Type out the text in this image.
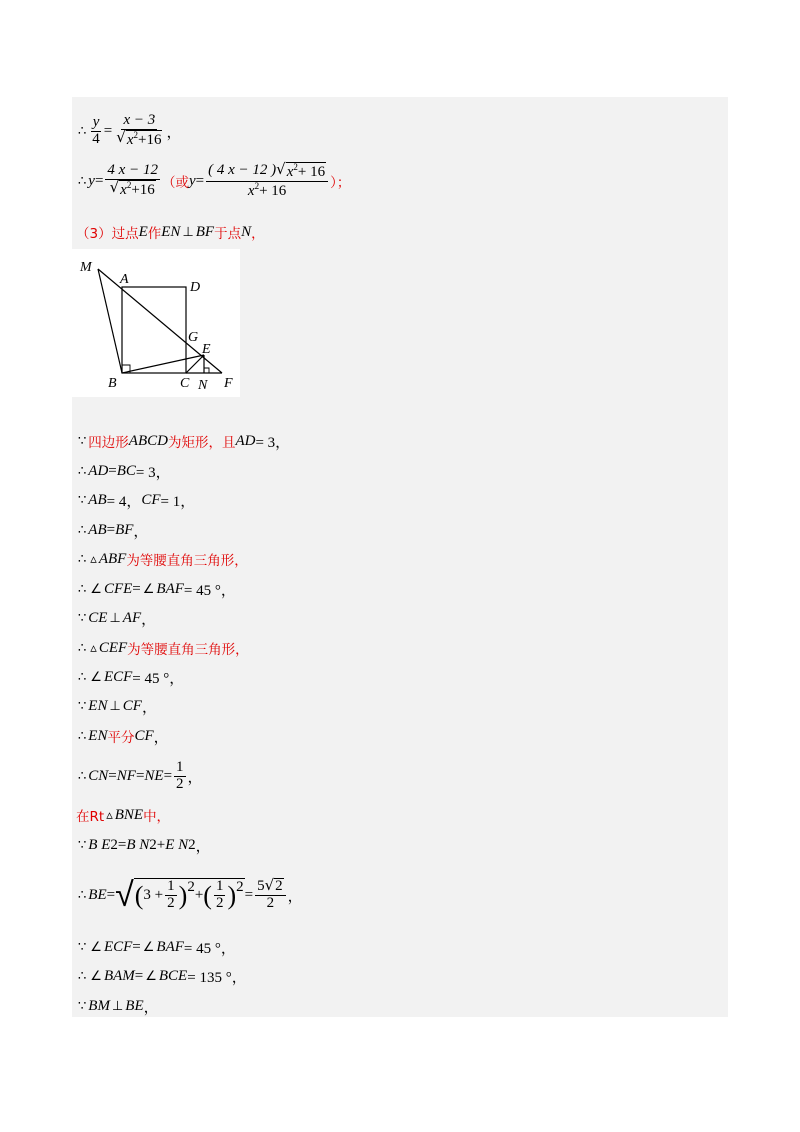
∴ $\frac{y}{4} = \frac{x - 3}{√ x^2+16}$ ，
∴ $y = \frac{4 x - 12}{√ x^2+16}$ （或 $y = \frac{( 4 x - 12 ) √ x^2+ 16}{x^2+ 16}$ ）；
（3）过点 E 作 EN ⊥ BF 于点 N ，
M
A
D
G
E
B	C N F
∵ 四边形 ABCD 为矩形，且 AD = 3，
∴ AD = BC = 3，
∵ AB = 4， CF = 1，
∴ AB = BF ，
∴ ▵ ABF 为等腰直角三角形，
∴ ∠ CFE = ∠ BAF = 45 °，
∵ CE ⊥ AF ，
∴ ▵ CEF 为等腰直角三角形，
∴ ∠ ECF = 45 °，
∵ EN ⊥ CF ，
∴ EN 平分 CF ，
∴ CN = NF = NE = $\frac{1}{2}$ ，
在Rt ▵ BNE 中，
∵ B E 2 = B N 2 + E N 2 ，
∴ BE = √ ( $3 + \frac{1}{2}$ ) 2 + ( $\frac{1}{2}$ ) $2 = \frac{5 √ 2}{2}$ ，
∵ ∠ ECF = ∠ BAF = 45 °，
∴ ∠ BAM = ∠ BCE = 135 °，
∵ BM ⊥ BE ，
